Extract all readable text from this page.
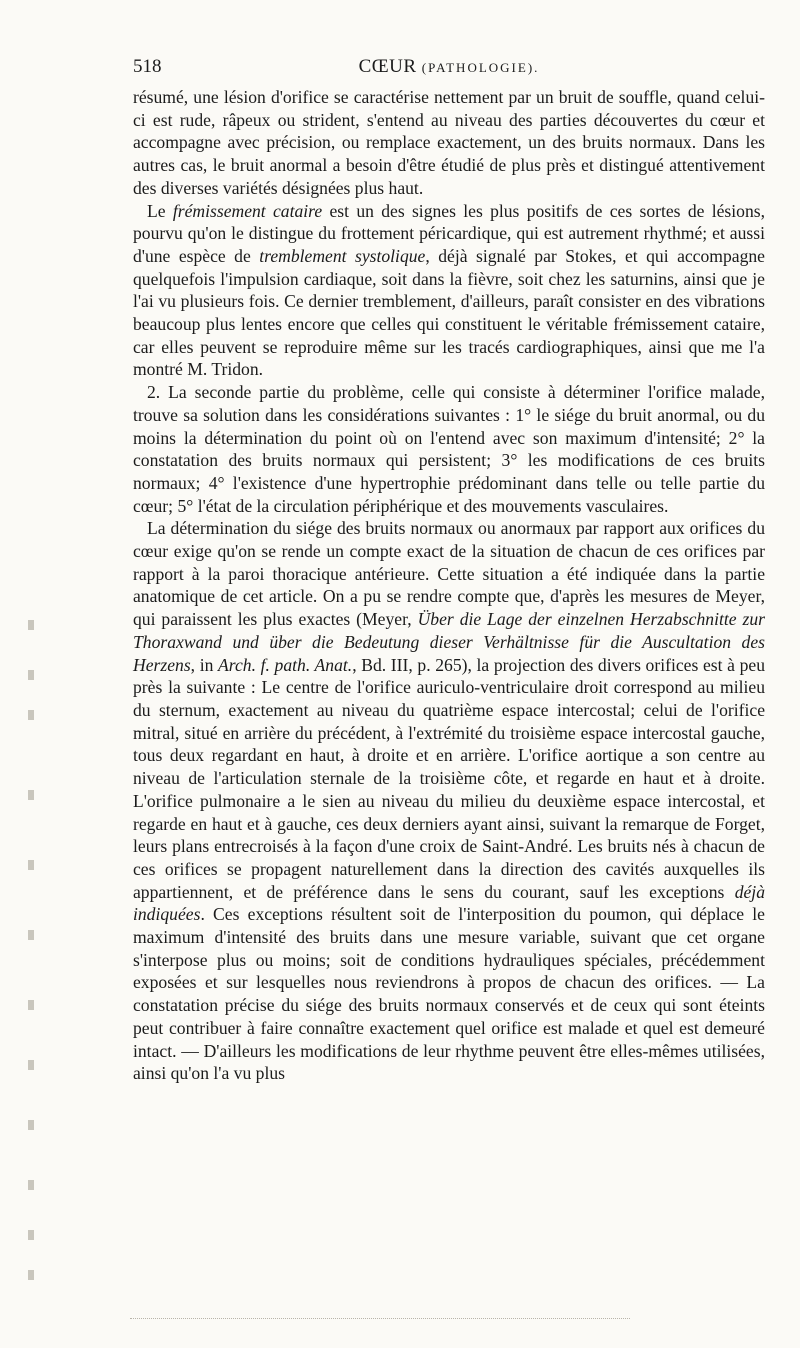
518	CŒUR (PATHOLOGIE).

résumé, une lésion d'orifice se caractérise nettement par un bruit de souffle, quand celui-ci est rude, râpeux ou strident, s'entend au niveau des parties découvertes du cœur et accompagne avec précision, ou remplace exactement, un des bruits normaux. Dans les autres cas, le bruit anormal a besoin d'être étudié de plus près et distingué attentivement des diverses variétés désignées plus haut.

Le frémissement cataire est un des signes les plus positifs de ces sortes de lésions, pourvu qu'on le distingue du frottement péricardique, qui est autrement rhythmé; et aussi d'une espèce de tremblement systolique, déjà signalé par Stokes, et qui accompagne quelquefois l'impulsion cardiaque, soit dans la fièvre, soit chez les saturnins, ainsi que je l'ai vu plusieurs fois. Ce dernier tremblement, d'ailleurs, paraît consister en des vibrations beaucoup plus lentes encore que celles qui constituent le véritable frémissement cataire, car elles peuvent se reproduire même sur les tracés cardiographiques, ainsi que me l'a montré M. Tridon.

2. La seconde partie du problème, celle qui consiste à déterminer l'orifice malade, trouve sa solution dans les considérations suivantes : 1° le siége du bruit anormal, ou du moins la détermination du point où on l'entend avec son maximum d'intensité; 2° la constatation des bruits normaux qui persistent; 3° les modifications de ces bruits normaux; 4° l'existence d'une hypertrophie prédominant dans telle ou telle partie du cœur; 5° l'état de la circulation périphérique et des mouvements vasculaires.

La détermination du siége des bruits normaux ou anormaux par rapport aux orifices du cœur exige qu'on se rende un compte exact de la situation de chacun de ces orifices par rapport à la paroi thoracique antérieure. Cette situation a été indiquée dans la partie anatomique de cet article. On a pu se rendre compte que, d'après les mesures de Meyer, qui paraissent les plus exactes (Meyer, Über die Lage der einzelnen Herzabschnitte zur Thoraxwand und über die Bedeutung dieser Verhältnisse für die Auscultation des Herzens, in Arch. f. path. Anat., Bd. III, p. 265), la projection des divers orifices est à peu près la suivante : Le centre de l'orifice auriculo-ventriculaire droit correspond au milieu du sternum, exactement au niveau du quatrième espace intercostal; celui de l'orifice mitral, situé en arrière du précédent, à l'extrémité du troisième espace intercostal gauche, tous deux regardant en haut, à droite et en arrière. L'orifice aortique a son centre au niveau de l'articulation sternale de la troisième côte, et regarde en haut et à droite. L'orifice pulmonaire a le sien au niveau du milieu du deuxième espace intercostal, et regarde en haut et à gauche, ces deux derniers ayant ainsi, suivant la remarque de Forget, leurs plans entrecroisés à la façon d'une croix de Saint-André. Les bruits nés à chacun de ces orifices se propagent naturellement dans la direction des cavités auxquelles ils appartiennent, et de préférence dans le sens du courant, sauf les exceptions déjà indiquées. Ces exceptions résultent soit de l'interposition du poumon, qui déplace le maximum d'intensité des bruits dans une mesure variable, suivant que cet organe s'interpose plus ou moins; soit de conditions hydrauliques spéciales, précédemment exposées et sur lesquelles nous reviendrons à propos de chacun des orifices. — La constatation précise du siége des bruits normaux conservés et de ceux qui sont éteints peut contribuer à faire connaître exactement quel orifice est malade et quel est demeuré intact. — D'ailleurs les modifications de leur rhythme peuvent être elles-mêmes utilisées, ainsi qu'on l'a vu plus
